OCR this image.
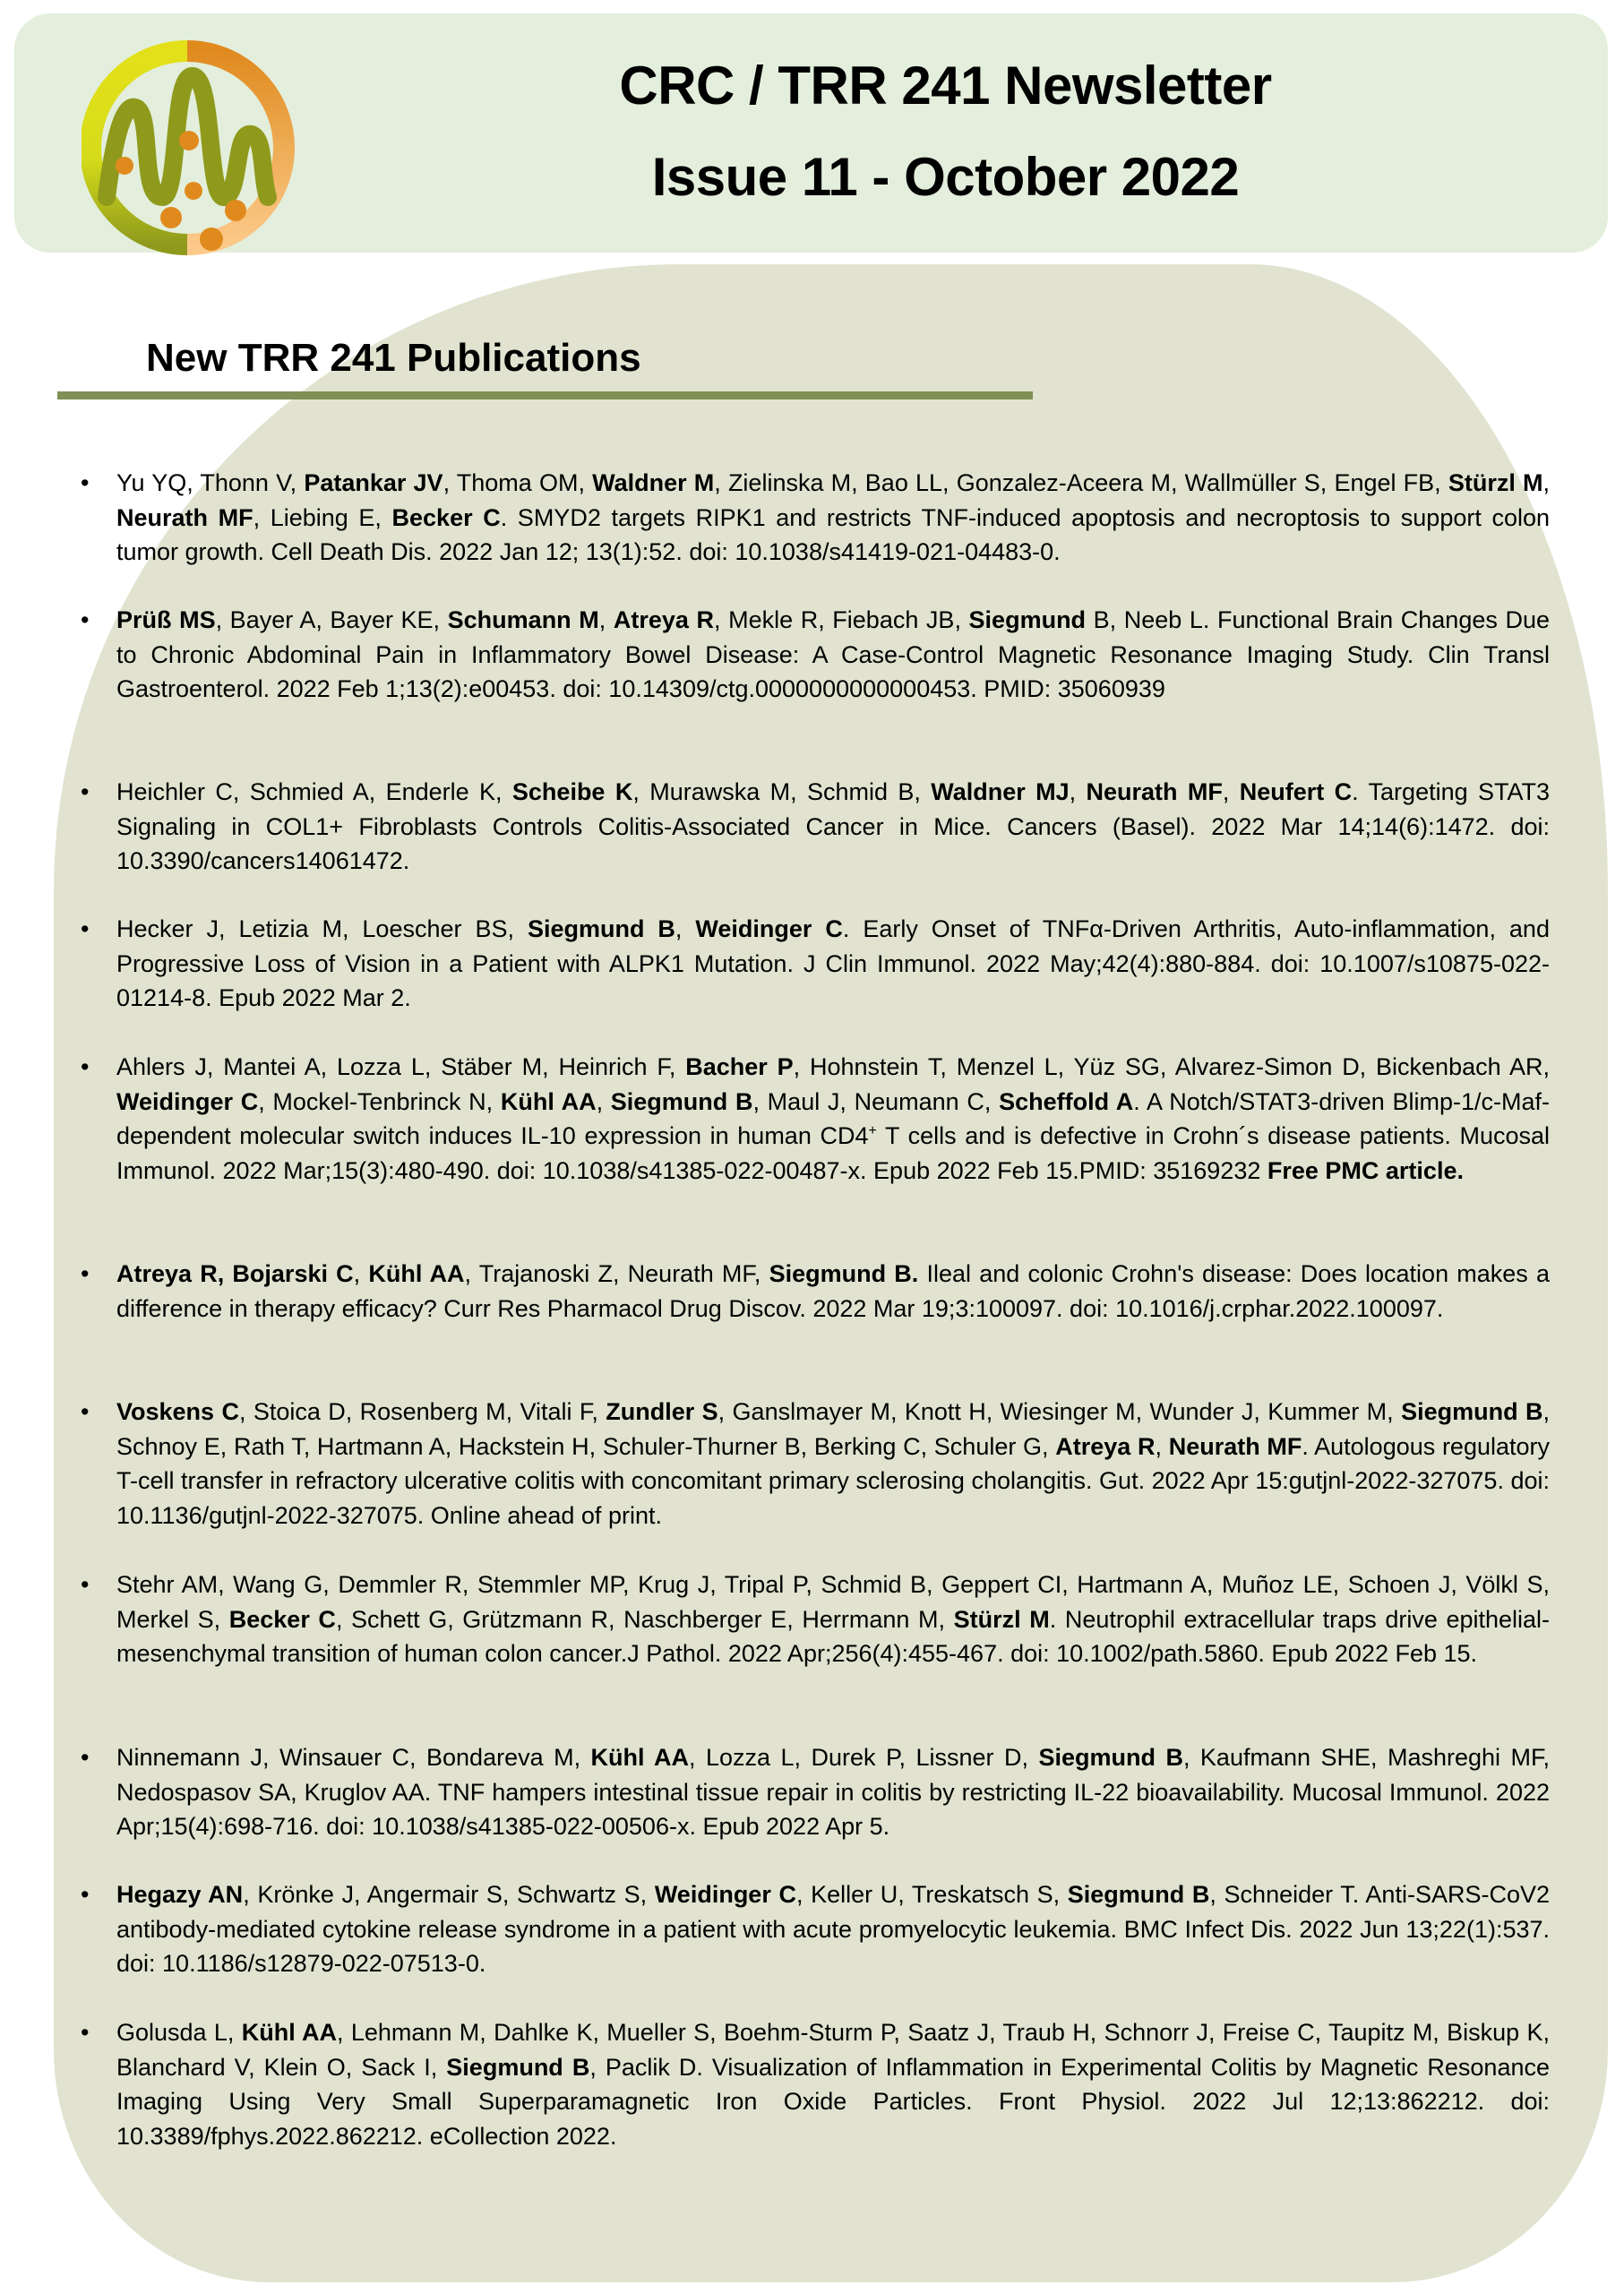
CRC / TRR 241 Newsletter
Issue 11 - October 2022
New TRR 241 Publications
• Yu YQ, Thonn V, Patankar JV, Thoma OM, Waldner M, Zielinska M, Bao LL, Gonzalez-Aceera M, Wallmüller S, Engel FB, Stürzl M, Neurath MF, Liebing E, Becker C. SMYD2 targets RIPK1 and restricts TNF-induced apoptosis and necroptosis to support colon tumor growth. Cell Death Dis. 2022 Jan 12; 13(1):52. doi: 10.1038/s41419-021-04483-0.
• Prüß MS, Bayer A, Bayer KE, Schumann M, Atreya R, Mekle R, Fiebach JB, Siegmund B, Neeb L. Functional Brain Changes Due to Chronic Abdominal Pain in Inflammatory Bowel Disease: A Case-Control Magnetic Resonance Imaging Study. Clin Transl Gastroenterol. 2022 Feb 1;13(2):e00453. doi: 10.14309/ctg.0000000000000453. PMID: 35060939
• Heichler C, Schmied A, Enderle K, Scheibe K, Murawska M, Schmid B, Waldner MJ, Neurath MF, Neufert C. Targeting STAT3 Signaling in COL1+ Fibroblasts Controls Colitis-Associated Cancer in Mice. Cancers (Basel). 2022 Mar 14;14(6):1472. doi: 10.3390/cancers14061472.
• Hecker J, Letizia M, Loescher BS, Siegmund B, Weidinger C. Early Onset of TNFα-Driven Arthritis, Auto-inflammation, and Progressive Loss of Vision in a Patient with ALPK1 Mutation. J Clin Immunol. 2022 May;42(4):880-884. doi: 10.1007/s10875-022-01214-8. Epub 2022 Mar 2.
• Ahlers J, Mantei A, Lozza L, Stäber M, Heinrich F, Bacher P, Hohnstein T, Menzel L, Yüz SG, Alvarez-Simon D, Bickenbach AR, Weidinger C, Mockel-Tenbrinck N, Kühl AA, Siegmund B, Maul J, Neumann C, Scheffold A. A Notch/STAT3-driven Blimp-1/c-Maf-dependent molecular switch induces IL-10 expression in human CD4+ T cells and is defective in Crohn´s disease patients. Mucosal Immunol. 2022 Mar;15(3):480-490. doi: 10.1038/s41385-022-00487-x. Epub 2022 Feb 15.PMID: 35169232 Free PMC article.
• Atreya R, Bojarski C, Kühl AA, Trajanoski Z, Neurath MF, Siegmund B. Ileal and colonic Crohn's disease: Does location makes a difference in therapy efficacy? Curr Res Pharmacol Drug Discov. 2022 Mar 19;3:100097. doi: 10.1016/j.crphar.2022.100097.
• Voskens C, Stoica D, Rosenberg M, Vitali F, Zundler S, Ganslmayer M, Knott H, Wiesinger M, Wunder J, Kummer M, Siegmund B, Schnoy E, Rath T, Hartmann A, Hackstein H, Schuler-Thurner B, Berking C, Schuler G, Atreya R, Neurath MF. Autologous regulatory T-cell transfer in refractory ulcerative colitis with concomitant primary sclerosing cholangitis. Gut. 2022 Apr 15:gutjnl-2022-327075. doi: 10.1136/gutjnl-2022-327075. Online ahead of print.
• Stehr AM, Wang G, Demmler R, Stemmler MP, Krug J, Tripal P, Schmid B, Geppert CI, Hartmann A, Muñoz LE, Schoen J, Völkl S, Merkel S, Becker C, Schett G, Grützmann R, Naschberger E, Herrmann M, Stürzl M. Neutrophil extracellular traps drive epithelial-mesenchymal transition of human colon cancer.J Pathol. 2022 Apr;256(4):455-467. doi: 10.1002/path.5860. Epub 2022 Feb 15.
• Ninnemann J, Winsauer C, Bondareva M, Kühl AA, Lozza L, Durek P, Lissner D, Siegmund B, Kaufmann SHE, Mashreghi MF, Nedospasov SA, Kruglov AA. TNF hampers intestinal tissue repair in colitis by restricting IL-22 bioavailability. Mucosal Immunol. 2022 Apr;15(4):698-716. doi: 10.1038/s41385-022-00506-x. Epub 2022 Apr 5.
• Hegazy AN, Krönke J, Angermair S, Schwartz S, Weidinger C, Keller U, Treskatsch S, Siegmund B, Schneider T. Anti-SARS-CoV2 antibody-mediated cytokine release syndrome in a patient with acute promyelocytic leukemia. BMC Infect Dis. 2022 Jun 13;22(1):537. doi: 10.1186/s12879-022-07513-0.
• Golusda L, Kühl AA, Lehmann M, Dahlke K, Mueller S, Boehm-Sturm P, Saatz J, Traub H, Schnorr J, Freise C, Taupitz M, Biskup K, Blanchard V, Klein O, Sack I, Siegmund B, Paclik D. Visualization of Inflammation in Experimental Colitis by Magnetic Resonance Imaging Using Very Small Superparamagnetic Iron Oxide Particles. Front Physiol. 2022 Jul 12;13:862212. doi: 10.3389/fphys.2022.862212. eCollection 2022.
